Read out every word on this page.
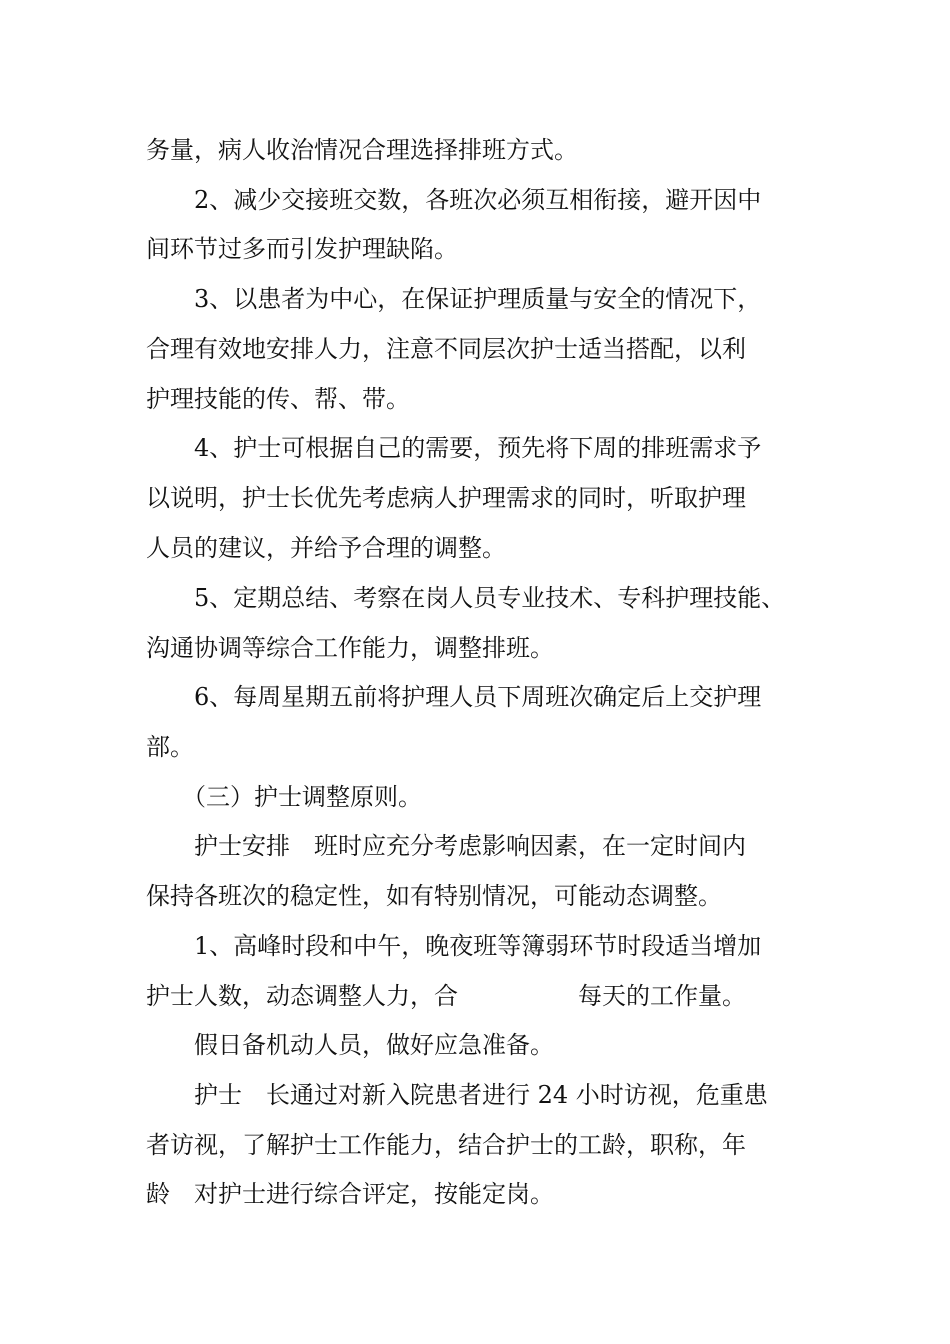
务量，病人收治情况合理选择排班方式。
2、减少交接班交数，各班次必须互相衔接，避开因中
间环节过多而引发护理缺陷。
3、以患者为中心，在保证护理质量与安全的情况下，
合理有效地安排人力，注意不同层次护士适当搭配，以利
护理技能的传、帮、带。
4、护士可根据自己的需要，预先将下周的排班需求予
以说明，护士长优先考虑病人护理需求的同时，听取护理
人员的建议，并给予合理的调整。
5、定期总结、考察在岗人员专业技术、专科护理技能、
沟通协调等综合工作能力，调整排班。
6、每周星期五前将护理人员下周班次确定后上交护理
部。
（三）护士调整原则。
护士安排　班时应充分考虑影响因素，在一定时间内
保持各班次的稳定性，如有特别情况，可能动态调整。
1、高峰时段和中午，晚夜班等簿弱环节时段适当增加
护士人数，动态调整人力，合　　　　　每天的工作量。
假日备机动人员，做好应急准备。
护士　长通过对新入院患者进行 24 小时访视，危重患
者访视，了解护士工作能力，结合护士的工龄，职称，年
龄　对护士进行综合评定，按能定岗。
